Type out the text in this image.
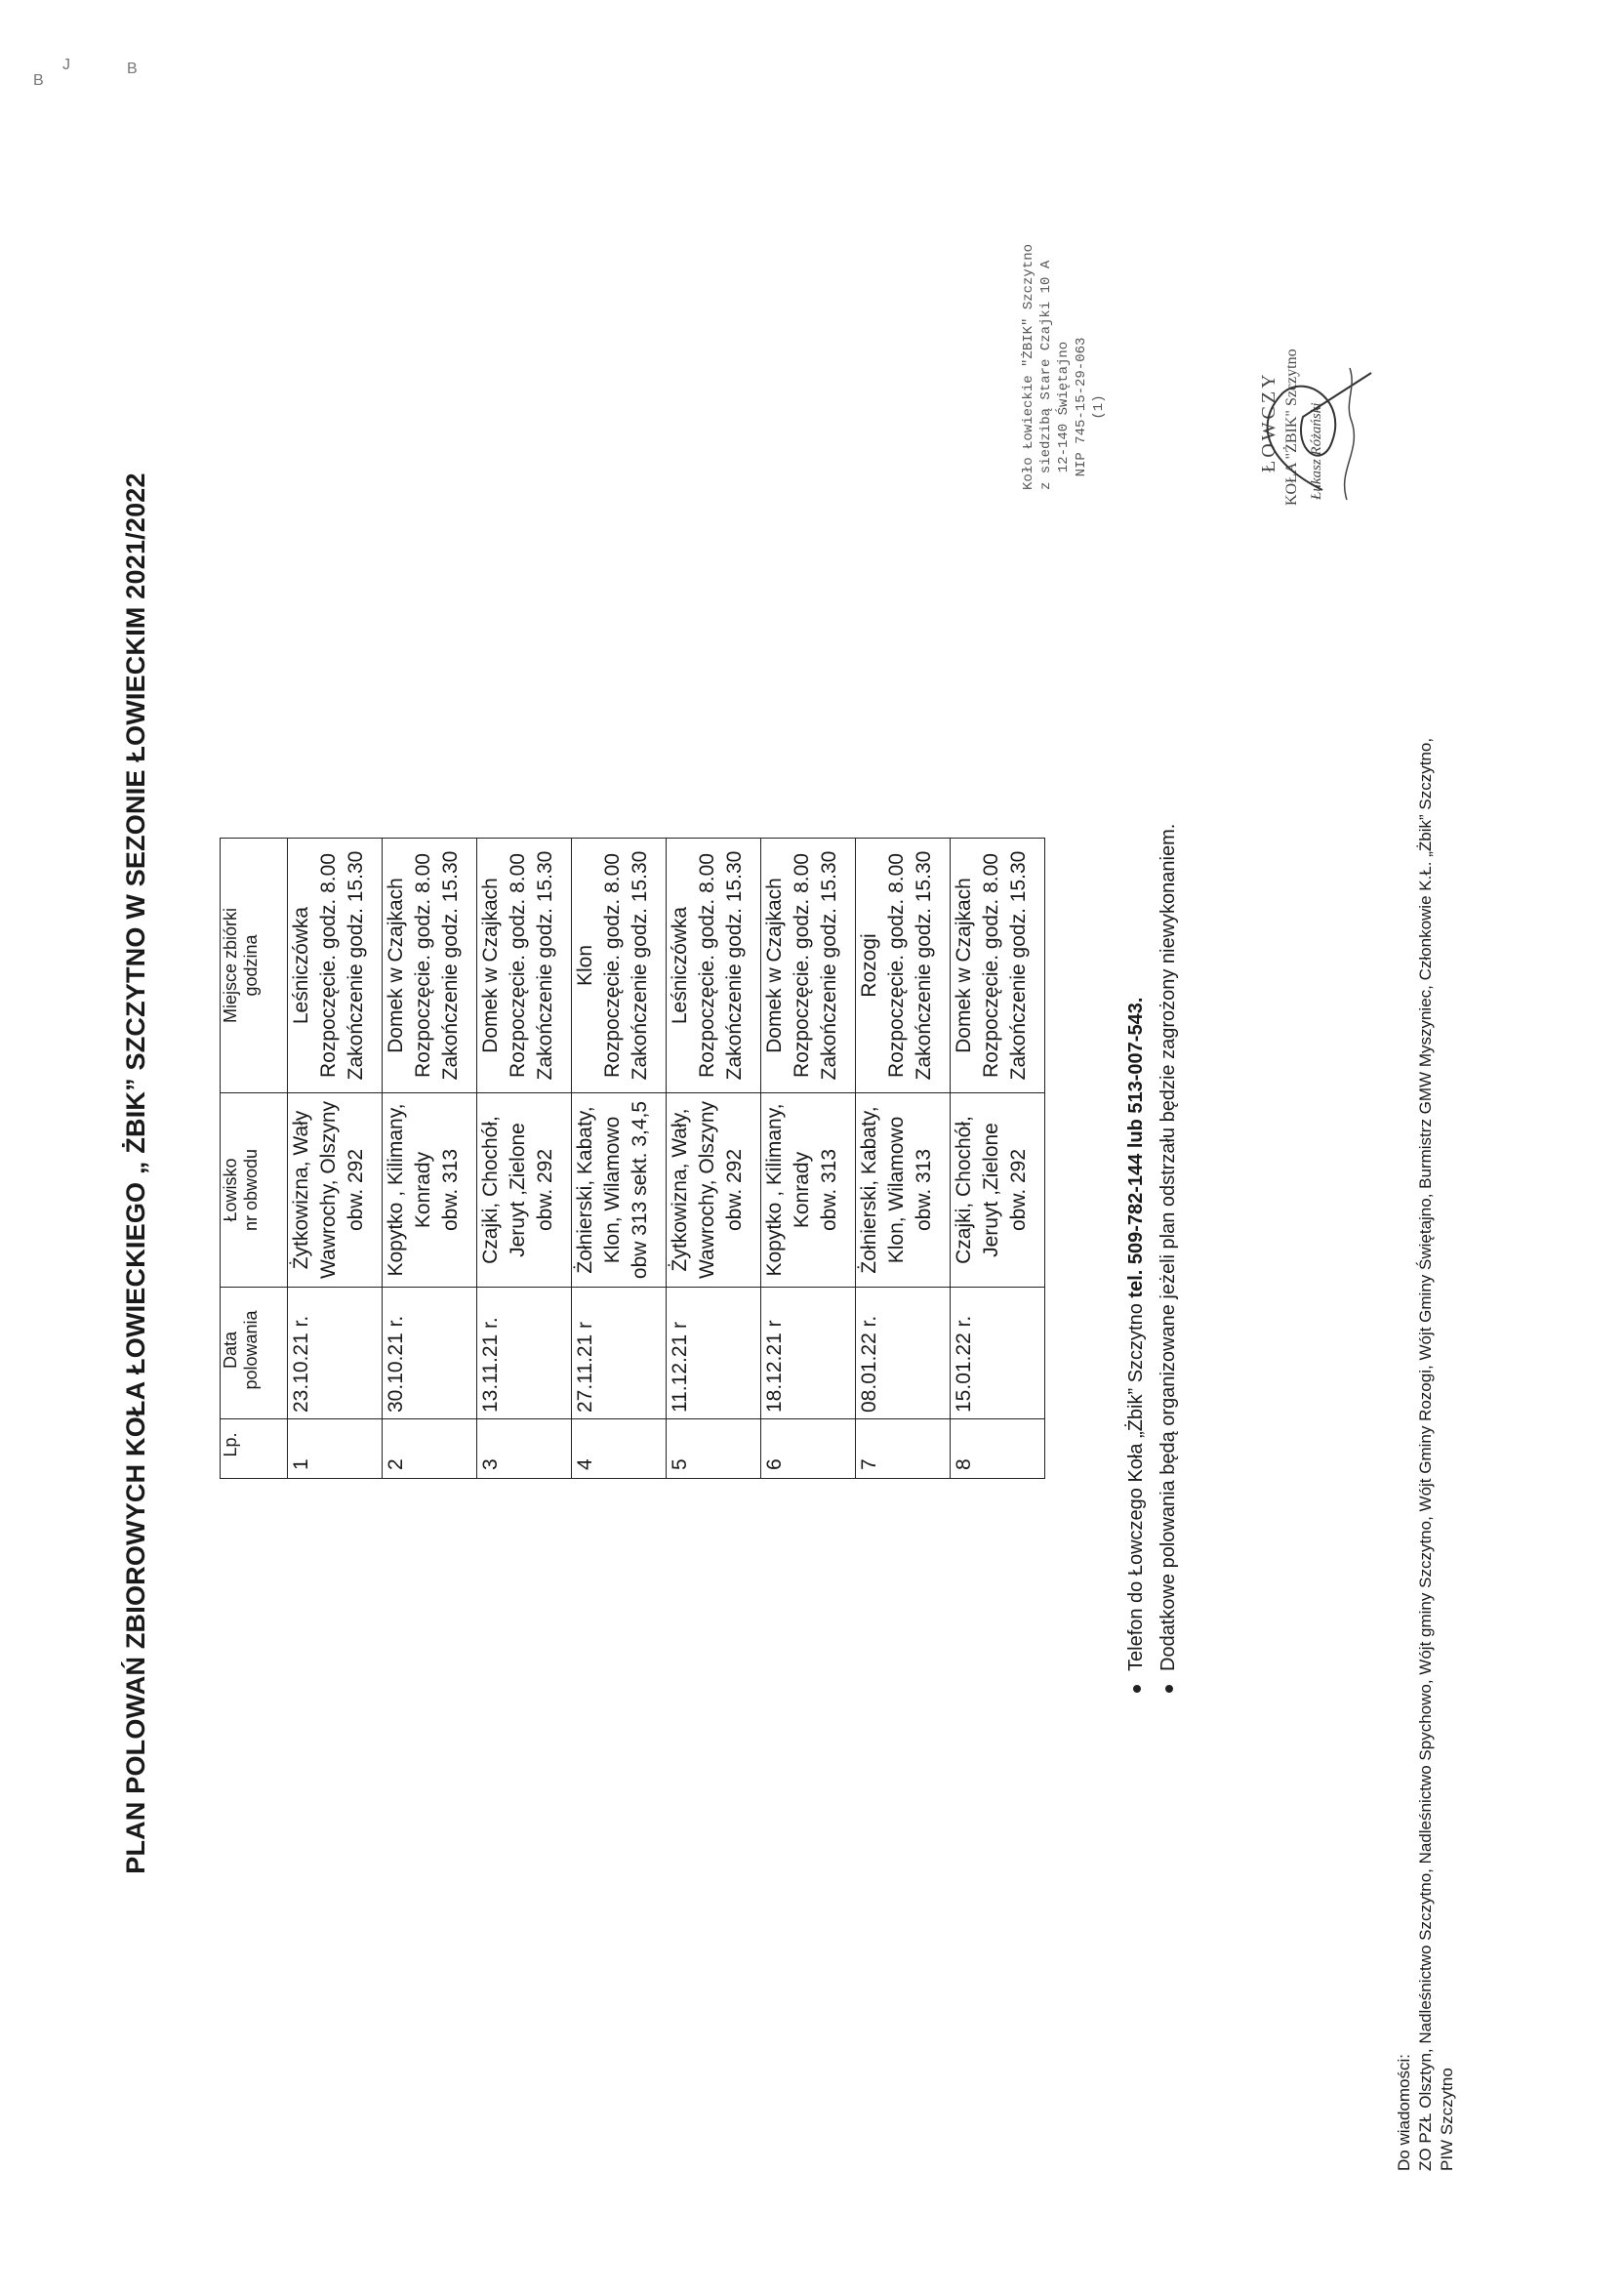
B
J	B
PLAN POLOWAŃ ZBIOROWYCH KOŁA ŁOWIECKIEGO „ ŻBIK” SZCZYTNO W SEZONIE ŁOWIECKIM 2021/2022	Lp.	Data polowania	Łowisko nr obwodu	Miejsce zbiórki godzina

1	23.10.21 r.	Żytkowizna, Wały Wawrochy, Olszyny obw. 292	Leśniczówka Rozpoczęcie. godz. 8.00 Zakończenie godz. 15.30

2	30.10.21 r.	Kopytko , Kilimany, Konrady obw. 313	Domek w Czajkach Rozpoczęcie. godz. 8.00 Zakończenie godz. 15.30

3	13.11.21 r.	Czajki, Chochół, Jeruyt ,Zielone obw. 292	Domek w Czajkach Rozpoczęcie. godz. 8.00 Zakończenie godz. 15.30

4	27.11.21 r	Żołnierski, Kabaty, Klon, Wilamowo obw 313 sekt. 3,4,5	Klon Rozpoczęcie. godz. 8.00 Zakończenie godz. 15.30

5	11.12.21 r	Żytkowizna, Wały, Wawrochy, Olszyny obw. 292	Leśniczówka Rozpoczęcie. godz. 8.00 Zakończenie godz. 15.30

6	18.12.21 r	Kopytko , Kilimany, Konrady obw. 313	Domek w Czajkach Rozpoczęcie. godz. 8.00 Zakończenie godz. 15.30

7	08.01.22 r.	Żołnierski, Kabaty, Klon, Wilamowo obw. 313	Rozogi Rozpoczęcie. godz. 8.00 Zakończenie godz. 15.30

8	15.01.22 r.	Czajki, Chochół, Jeruyt ,Zielone obw. 292	Domek w Czajkach Rozpoczęcie. godz. 8.00 Zakończenie godz. 15.30
Telefon do Łowczego Koła „Żbik” Szczytno tel. 509-782-144 lub 513-007-543. Dodatkowe polowania będą organizowane jeżeli plan odstrzału będzie zagrożony niewykonaniem.
Do wiadomości: ZO PZŁ Olsztyn, Nadleśnictwo Szczytno, Nadleśnictwo Spychowo, Wójt gminy Szczytno, Wójt Gminy Rozogi, Wójt Gminy Świętajno, Burmistrz GMW Myszyniec, Członkowie K.Ł. „Żbik” Szczytno, PIW Szczytno
Koło Łowieckie "ŻBIK" Szczytno z siedzibą Stare Czajki 10 A 12-140 Świętajno NIP 745-15-29-063 (1)	ŁOWCZY KOŁA "ŻBIK" Szczytno Łukasz Różański
